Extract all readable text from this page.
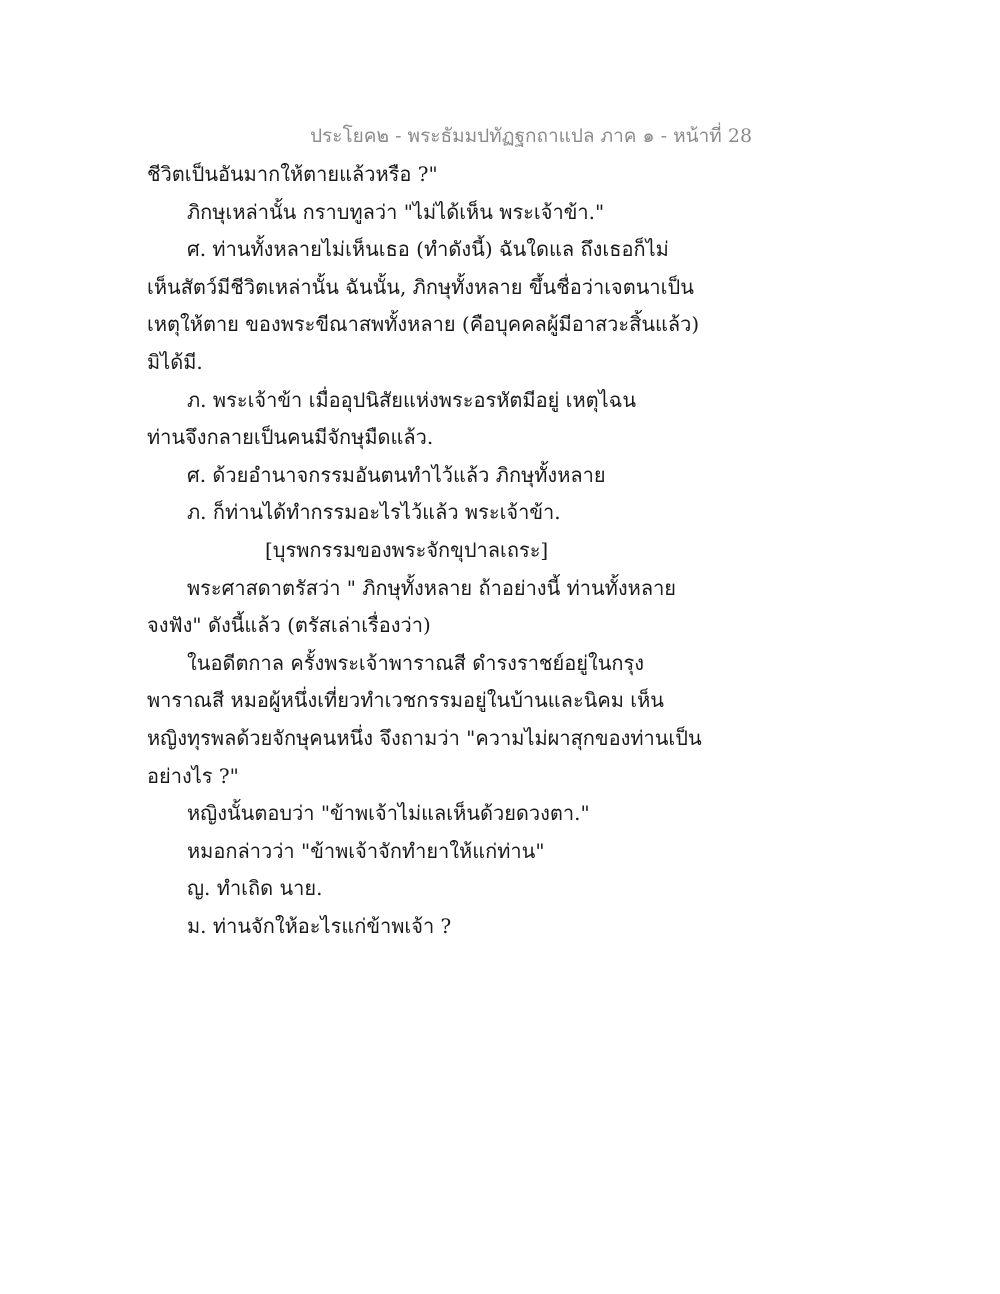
ประโยค๒ - พระธัมมปทัฏฐกถาแปล ภาค ๑ - หน้าที่ 28
ชีวิตเป็นอันมากให้ตายแล้วหรือ ?"
ภิกษุเหล่านั้น กราบทูลว่า "ไม่ได้เห็น พระเจ้าข้า."
ศ. ท่านทั้งหลายไม่เห็นเธอ (ทำดังนี้) ฉันใดแล ถึงเธอก็ไม่
เห็นสัตว์มีชีวิตเหล่านั้น ฉันนั้น, ภิกษุทั้งหลาย ขึ้นชื่อว่าเจตนาเป็น
เหตุให้ตาย ของพระขีณาสพทั้งหลาย (คือบุคคลผู้มีอาสวะสิ้นแล้ว)
มิได้มี.
ภ. พระเจ้าข้า เมื่ออุปนิสัยแห่งพระอรหัตมีอยู่ เหตุไฉน
ท่านจึงกลายเป็นคนมีจักษุมืดแล้ว.
ศ. ด้วยอำนาจกรรมอันตนทำไว้แล้ว ภิกษุทั้งหลาย
ภ. ก็ท่านได้ทำกรรมอะไรไว้แล้ว พระเจ้าข้า.
[บุรพกรรมของพระจักขุปาลเถระ]
พระศาสดาตรัสว่า " ภิกษุทั้งหลาย ถ้าอย่างนี้ ท่านทั้งหลาย
จงฟัง" ดังนี้แล้ว (ตรัสเล่าเรื่องว่า)
ในอดีตกาล ครั้งพระเจ้าพาราณสี ดำรงราชย์อยู่ในกรุง
พาราณสี หมอผู้หนึ่งเที่ยวทำเวชกรรมอยู่ในบ้านและนิคม เห็น
หญิงทุรพลด้วยจักษุคนหนึ่ง จึงถามว่า "ความไม่ผาสุกของท่านเป็น
อย่างไร ?"
หญิงนั้นตอบว่า "ข้าพเจ้าไม่แลเห็นด้วยดวงตา."
หมอกล่าวว่า "ข้าพเจ้าจักทำยาให้แก่ท่าน"
ญ. ทำเถิด นาย.
ม. ท่านจักให้อะไรแก่ข้าพเจ้า ?
